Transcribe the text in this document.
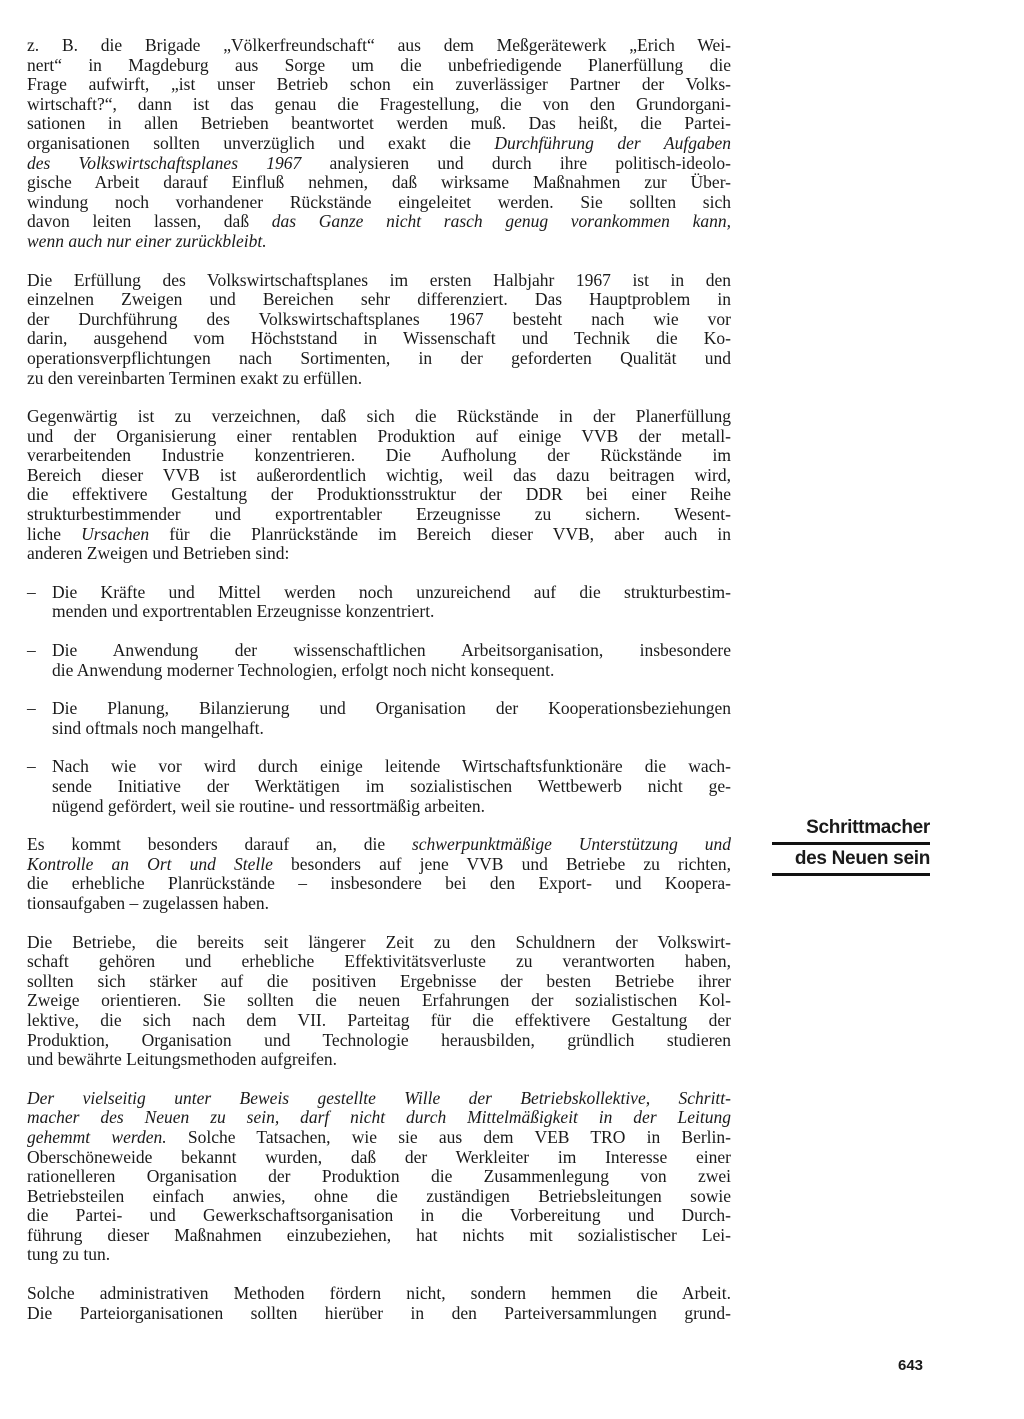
z. B. die Brigade „Völkerfreundschaft“ aus dem Meßgerätewerk „Erich Wei-
nert“ in Magdeburg aus Sorge um die unbefriedigende Planerfüllung die
Frage aufwirft, „ist unser Betrieb schon ein zuverlässiger Partner der Volks-
wirtschaft?“, dann ist das genau die Fragestellung, die von den Grundorgani-
sationen in allen Betrieben beantwortet werden muß. Das heißt, die Partei-
organisationen sollten unverzüglich und exakt die Durchführung der Aufgaben
des Volkswirtschaftsplanes 1967 analysieren und durch ihre politisch-ideolo-
gische Arbeit darauf Einfluß nehmen, daß wirksame Maßnahmen zur Über-
windung noch vorhandener Rückstände eingeleitet werden. Sie sollten sich
davon leiten lassen, daß das Ganze nicht rasch genug vorankommen kann,
wenn auch nur einer zurückbleibt.

Die Erfüllung des Volkswirtschaftsplanes im ersten Halbjahr 1967 ist in den
einzelnen Zweigen und Bereichen sehr differenziert. Das Hauptproblem in
der Durchführung des Volkswirtschaftsplanes 1967 besteht nach wie vor
darin, ausgehend vom Höchststand in Wissenschaft und Technik die Ko-
operationsverpflichtungen nach Sortimenten, in der geforderten Qualität und
zu den vereinbarten Terminen exakt zu erfüllen.

Gegenwärtig ist zu verzeichnen, daß sich die Rückstände in der Planerfüllung
und der Organisierung einer rentablen Produktion auf einige VVB der metall-
verarbeitenden Industrie konzentrieren. Die Aufholung der Rückstände im
Bereich dieser VVB ist außerordentlich wichtig, weil das dazu beitragen wird,
die effektivere Gestaltung der Produktionsstruktur der DDR bei einer Reihe
strukturbestimmender und exportrentabler Erzeugnisse zu sichern. Wesent-
liche Ursachen für die Planrückstände im Bereich dieser VVB, aber auch in
anderen Zweigen und Betrieben sind:

– Die Kräfte und Mittel werden noch unzureichend auf die strukturbestim-
menden und exportrentablen Erzeugnisse konzentriert.
– Die Anwendung der wissenschaftlichen Arbeitsorganisation, insbesondere
die Anwendung moderner Technologien, erfolgt noch nicht konsequent.
– Die Planung, Bilanzierung und Organisation der Kooperationsbeziehungen
sind oftmals noch mangelhaft.
– Nach wie vor wird durch einige leitende Wirtschaftsfunktionäre die wach-
sende Initiative der Werktätigen im sozialistischen Wettbewerb nicht ge-
nügend gefördert, weil sie routine- und ressortmäßig arbeiten.

Es kommt besonders darauf an, die schwerpunktmäßige Unterstützung und
Kontrolle an Ort und Stelle besonders auf jene VVB und Betriebe zu richten,
die erhebliche Planrückstände – insbesondere bei den Export- und Koopera-
tionsaufgaben – zugelassen haben.

Die Betriebe, die bereits seit längerer Zeit zu den Schuldnern der Volkswirt-
schaft gehören und erhebliche Effektivitätsverluste zu verantworten haben,
sollten sich stärker auf die positiven Ergebnisse der besten Betriebe ihrer
Zweige orientieren. Sie sollten die neuen Erfahrungen der sozialistischen Kol-
lektive, die sich nach dem VII. Parteitag für die effektivere Gestaltung der
Produktion, Organisation und Technologie herausbilden, gründlich studieren
und bewährte Leitungsmethoden aufgreifen.

Der vielseitig unter Beweis gestellte Wille der Betriebskollektive, Schritt-
macher des Neuen zu sein, darf nicht durch Mittelmäßigkeit in der Leitung
gehemmt werden. Solche Tatsachen, wie sie aus dem VEB TRO in Berlin-
Oberschöneweide bekannt wurden, daß der Werkleiter im Interesse einer
rationelleren Organisation der Produktion die Zusammenlegung von zwei
Betriebsteilen einfach anwies, ohne die zuständigen Betriebsleitungen sowie
die Partei- und Gewerkschaftsorganisation in die Vorbereitung und Durch-
führung dieser Maßnahmen einzubeziehen, hat nichts mit sozialistischer Lei-
tung zu tun.

Solche administrativen Methoden fördern nicht, sondern hemmen die Arbeit.
Die Parteiorganisationen sollten hierüber in den Parteiversammlungen grund-

Schrittmacher
des Neuen sein
643
